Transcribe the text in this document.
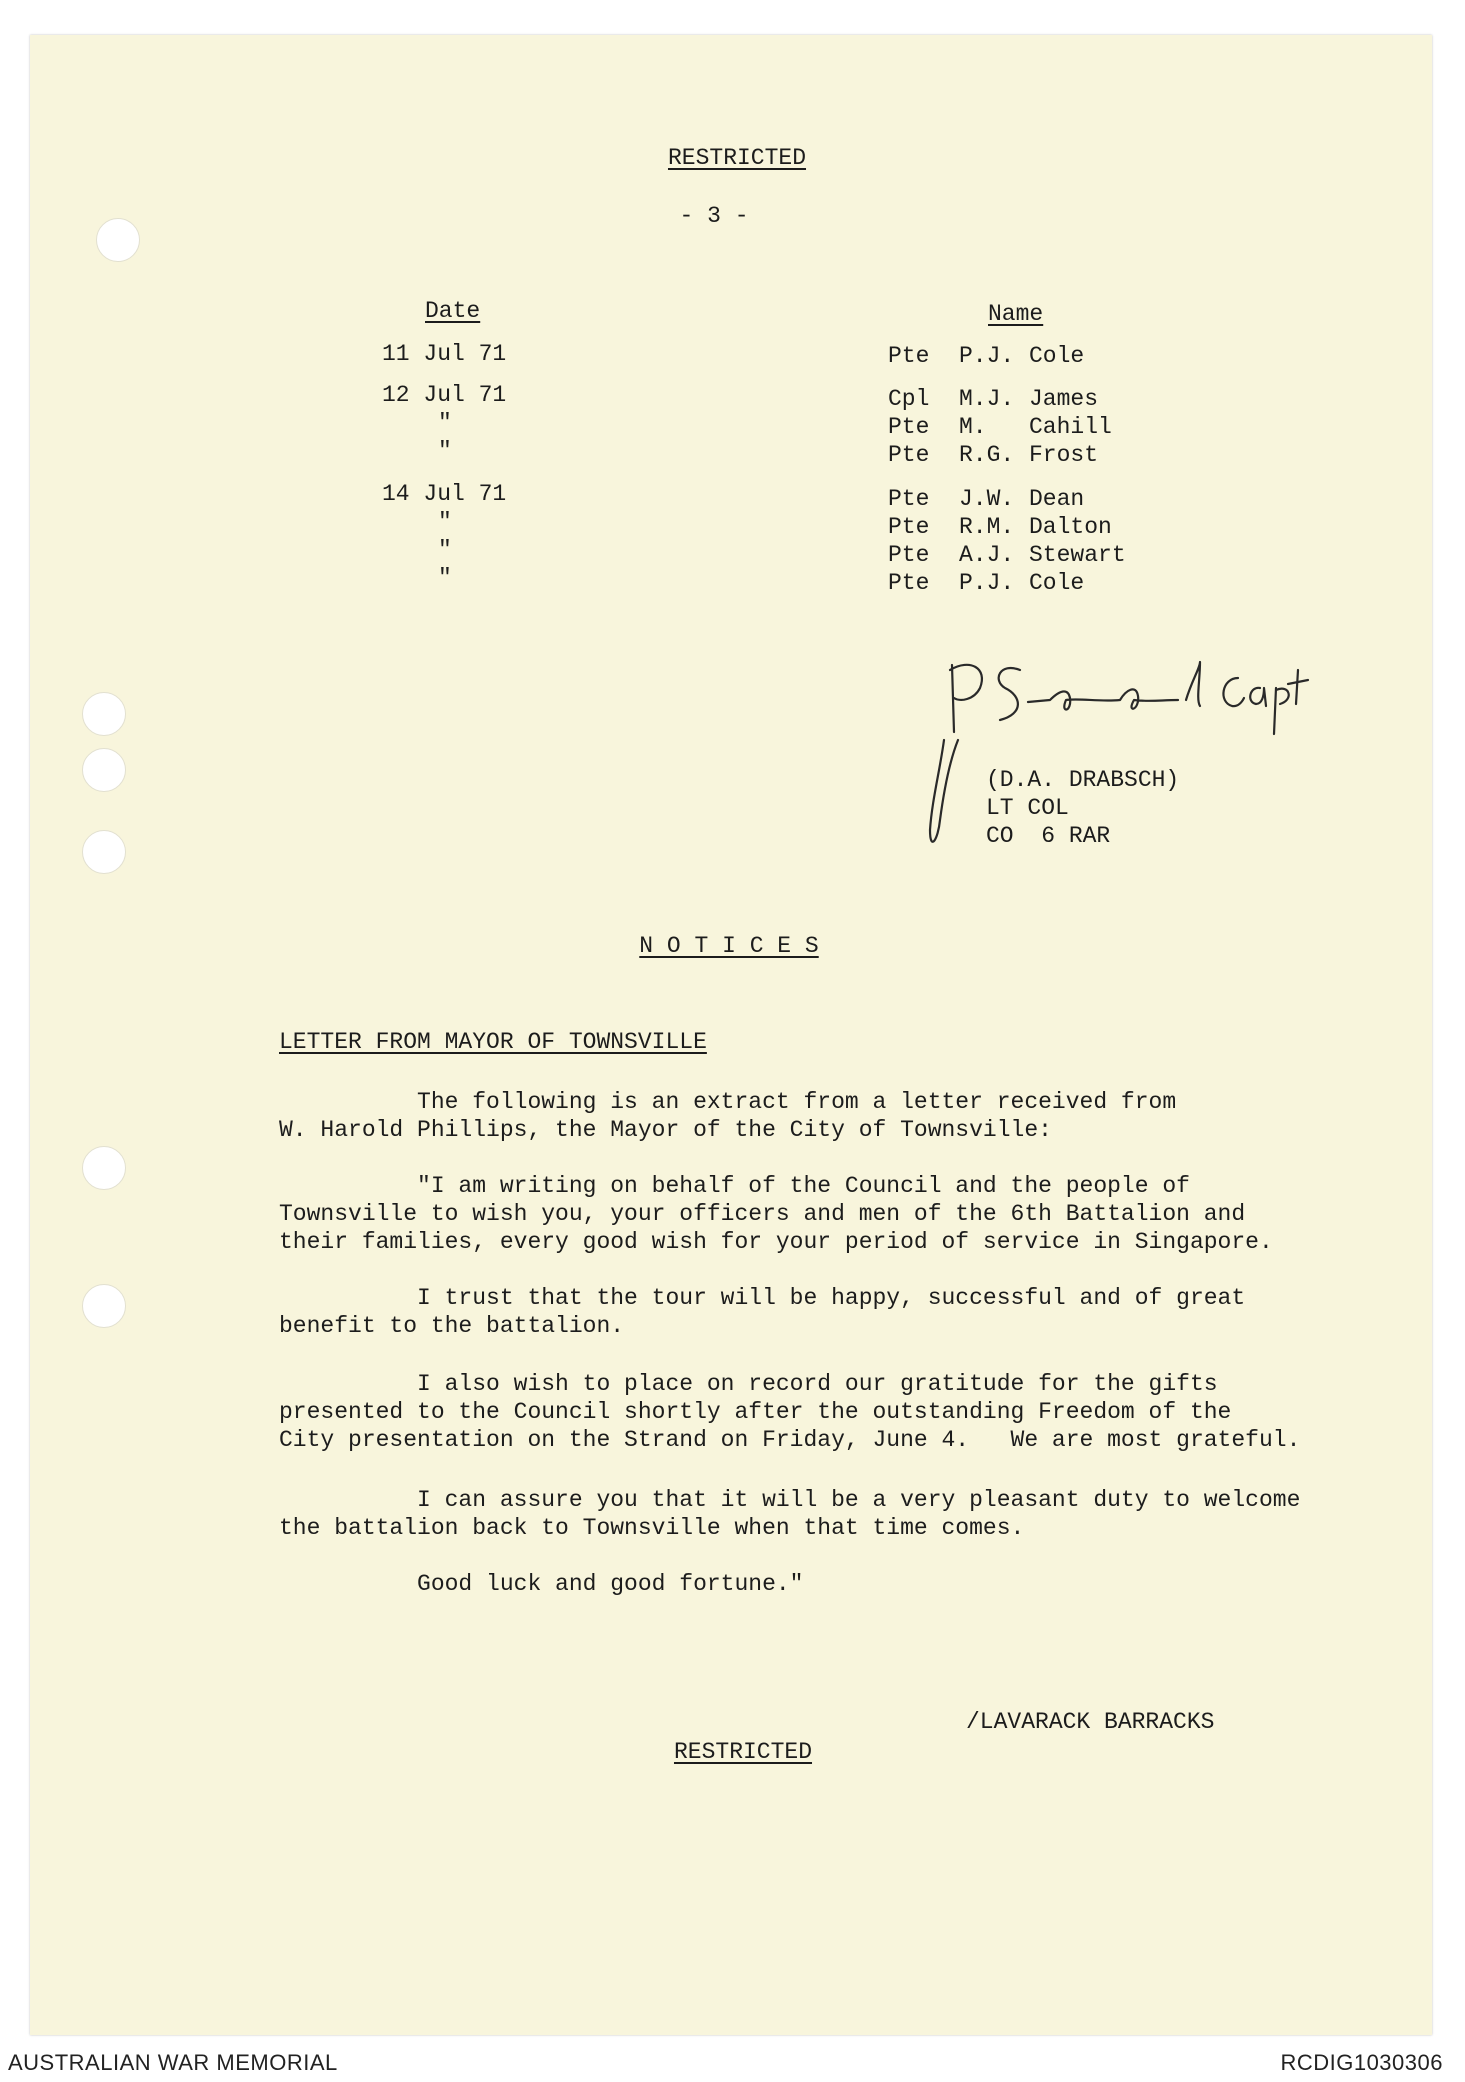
RESTRICTED
- 3 -
Date	Name
11 Jul 71
12 Jul 71
"
"
14 Jul 71
"
"
"
Pte
Cpl
Pte
Pte
Pte
Pte
Pte
Pte
P.J.
M.J.
M.
R.G.
J.W.
R.M.
A.J.
P.J.
Cole
James
Cahill
Frost
Dean
Dalton
Stewart
Cole
(D.A. DRABSCH)
LT COL
CO  6 RAR
N O T I C E S
LETTER FROM MAYOR OF TOWNSVILLE
The following is an extract from a letter received from
W. Harold Phillips, the Mayor of the City of Townsville:
"I am writing on behalf of the Council and the people of
Townsville to wish you, your officers and men of the 6th Battalion and
their families, every good wish for your period of service in Singapore.
I trust that the tour will be happy, successful and of great
benefit to the battalion.
I also wish to place on record our gratitude for the gifts
presented to the Council shortly after the outstanding Freedom of the
City presentation on the Strand on Friday, June 4.   We are most grateful.
I can assure you that it will be a very pleasant duty to welcome
the battalion back to Townsville when that time comes.
Good luck and good fortune."
/LAVARACK BARRACKS
RESTRICTED
AUSTRALIAN WAR MEMORIAL	RCDIG1030306
